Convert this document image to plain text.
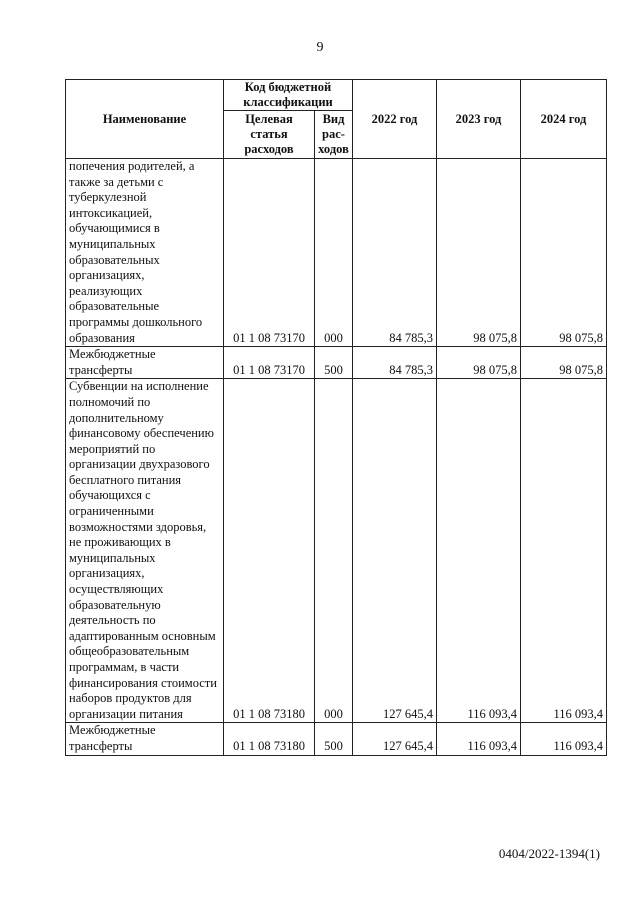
9
Наименование	Код бюджетной классификации		2022 год	2023 год	2024 год
	Целевая статья расходов	Вид рас-ходов			
попечения родителей, а также за детьми с туберкулезной интоксикацией, обучающимися в муниципальных образовательных организациях, реализующих образовательные программы дошкольного образования	01 1 08 73170	000	84 785,3	98 075,8	98 075,8
Межбюджетные трансферты	01 1 08 73170	500	84 785,3	98 075,8	98 075,8
Субвенции на исполнение полномочий по дополнительному финансовому обеспечению мероприятий по организации двухразового бесплатного питания обучающихся с ограниченными возможностями здоровья, не проживающих в муниципальных организациях, осуществляющих образовательную деятельность по адаптированным основным общеобразовательным программам, в части финансирования стоимости наборов продуктов для организации питания	01 1 08 73180	000	127 645,4	116 093,4	116 093,4
Межбюджетные трансферты	01 1 08 73180	500	127 645,4	116 093,4	116 093,4
0404/2022-1394(1)
